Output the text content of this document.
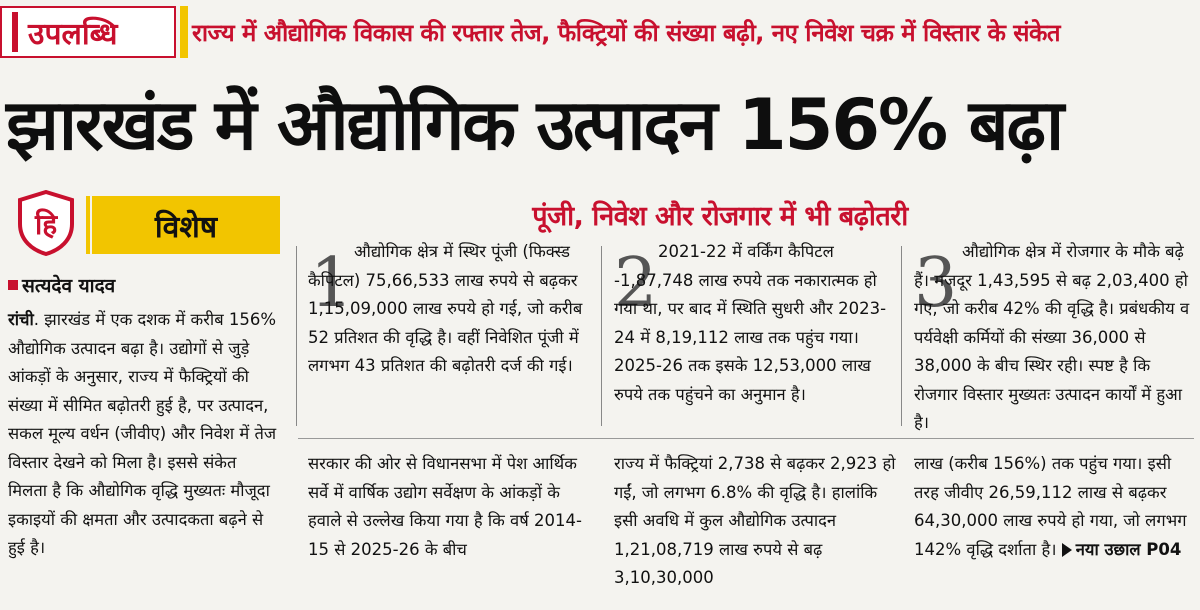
उपलब्धि	राज्य में औद्योगिक विकास की रफ्तार तेज, फैक्ट्रियों की संख्या बढ़ी, नए निवेश चक्र में विस्तार के संकेत
झारखंड में औद्योगिक उत्पादन 156% बढ़ा
हि	विशेष	पूंजी, निवेश और रोजगार में भी बढ़ोतरी
सत्यदेव यादव
रांची. झारखंड में एक दशक में करीब 156% औद्योगिक उत्पादन बढ़ा है। उद्योगों से जुड़े आंकड़ों के अनुसार, राज्य में फैक्ट्रियों की संख्या में सीमित बढ़ोतरी हुई है, पर उत्पादन, सकल मूल्य वर्धन (जीवीए) और निवेश में तेज विस्तार देखने को मिला है। इससे संकेत मिलता है कि औद्योगिक वृद्धि मुख्यतः मौजूदा इकाइयों की क्षमता और उत्पादकता बढ़ने से हुई है।
1 औद्योगिक क्षेत्र में स्थिर पूंजी (फिक्स्ड कैपिटल) 75,66,533 लाख रुपये से बढ़कर 1,15,09,000 लाख रुपये हो गई, जो करीब 52 प्रतिशत की वृद्धि है। वहीं निवेशित पूंजी में लगभग 43 प्रतिशत की बढ़ोतरी दर्ज की गई।
2 2021-22 में वर्किंग कैपिटल -1,87,748 लाख रुपये तक नकारात्मक हो गया था, पर बाद में स्थिति सुधरी और 2023-24 में 8,19,112 लाख तक पहुंच गया। 2025-26 तक इसके 12,53,000 लाख रुपये तक पहुंचने का अनुमान है।
3 औद्योगिक क्षेत्र में रोजगार के मौके बढ़े हैं। मजदूर 1,43,595 से बढ़ 2,03,400 हो गए, जो करीब 42% की वृद्धि है। प्रबंधकीय व पर्यवेक्षी कर्मियों की संख्या 36,000 से 38,000 के बीच स्थिर रही। स्पष्ट है कि रोजगार विस्तार मुख्यतः उत्पादन कार्यों में हुआ है।
सरकार की ओर से विधानसभा में पेश आर्थिक सर्वे में वार्षिक उद्योग सर्वेक्षण के आंकड़ों के हवाले से उल्लेख किया गया है कि वर्ष 2014-15 से 2025-26 के बीच
राज्य में फैक्ट्रियां 2,738 से बढ़कर 2,923 हो गईं, जो लगभग 6.8% की वृद्धि है। हालांकि इसी अवधि में कुल औद्योगिक उत्पादन 1,21,08,719 लाख रुपये से बढ़ 3,10,30,000
लाख (करीब 156%) तक पहुंच गया। इसी तरह जीवीए 26,59,112 लाख से बढ़कर 64,30,000 लाख रुपये हो गया, जो लगभग 142% वृद्धि दर्शाता है। नया उछाल P04
